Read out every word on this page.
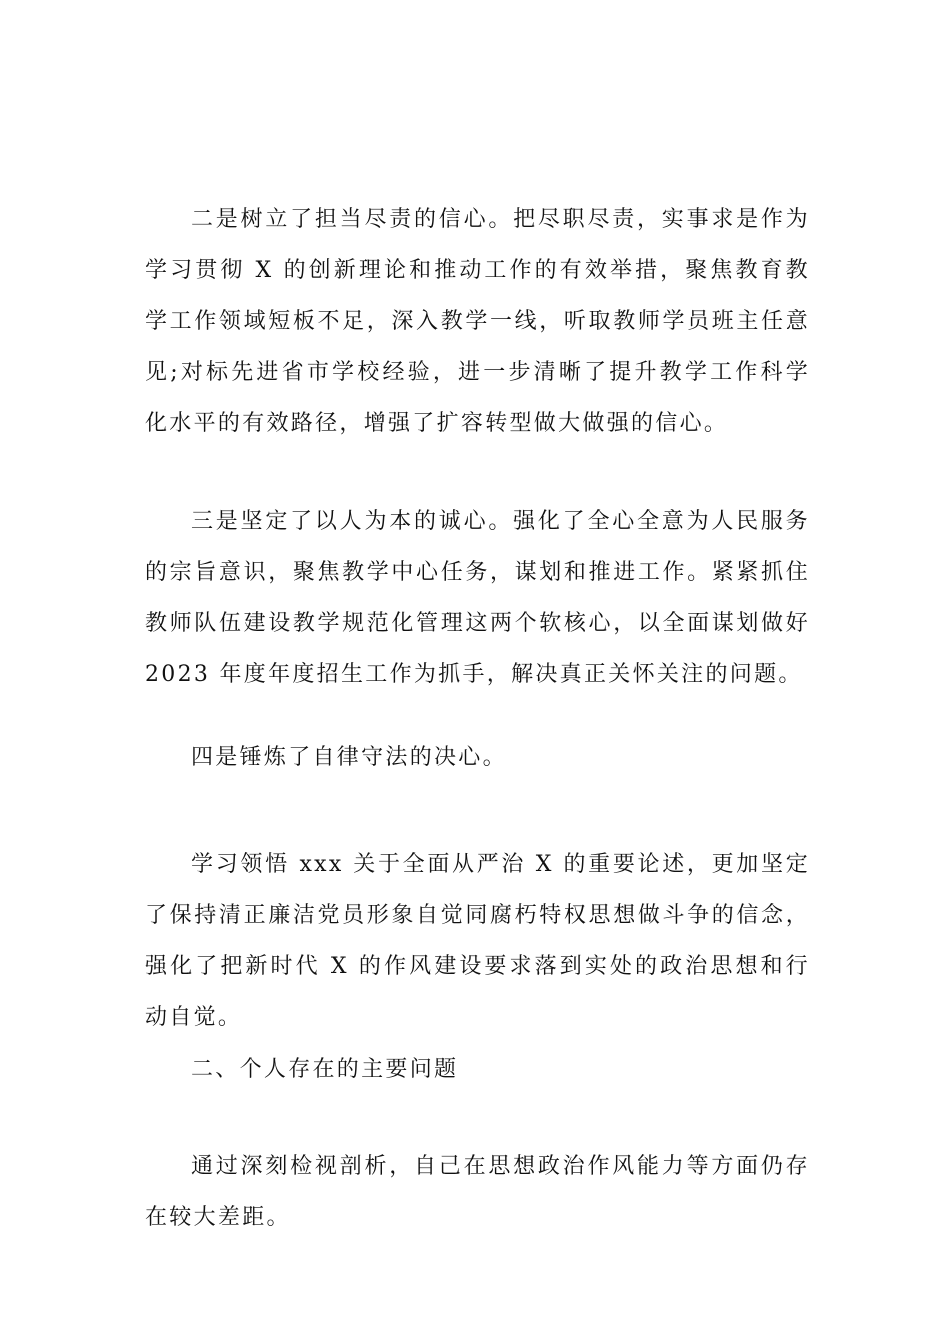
二是树立了担当尽责的信心。把尽职尽责，实事求是作为学习贯彻 X 的创新理论和推动工作的有效举措，聚焦教育教学工作领域短板不足，深入教学一线，听取教师学员班主任意见;对标先进省市学校经验，进一步清晰了提升教学工作科学化水平的有效路径，增强了扩容转型做大做强的信心。

三是坚定了以人为本的诚心。强化了全心全意为人民服务的宗旨意识，聚焦教学中心任务，谋划和推进工作。紧紧抓住教师队伍建设教学规范化管理这两个软核心，以全面谋划做好 2023 年度年度招生工作为抓手，解决真正关怀关注的问题。

四是锤炼了自律守法的决心。

学习领悟 xxx 关于全面从严治 X 的重要论述，更加坚定了保持清正廉洁党员形象自觉同腐朽特权思想做斗争的信念，强化了把新时代 X 的作风建设要求落到实处的政治思想和行动自觉。

二、个人存在的主要问题

通过深刻检视剖析，自己在思想政治作风能力等方面仍存在较大差距。
